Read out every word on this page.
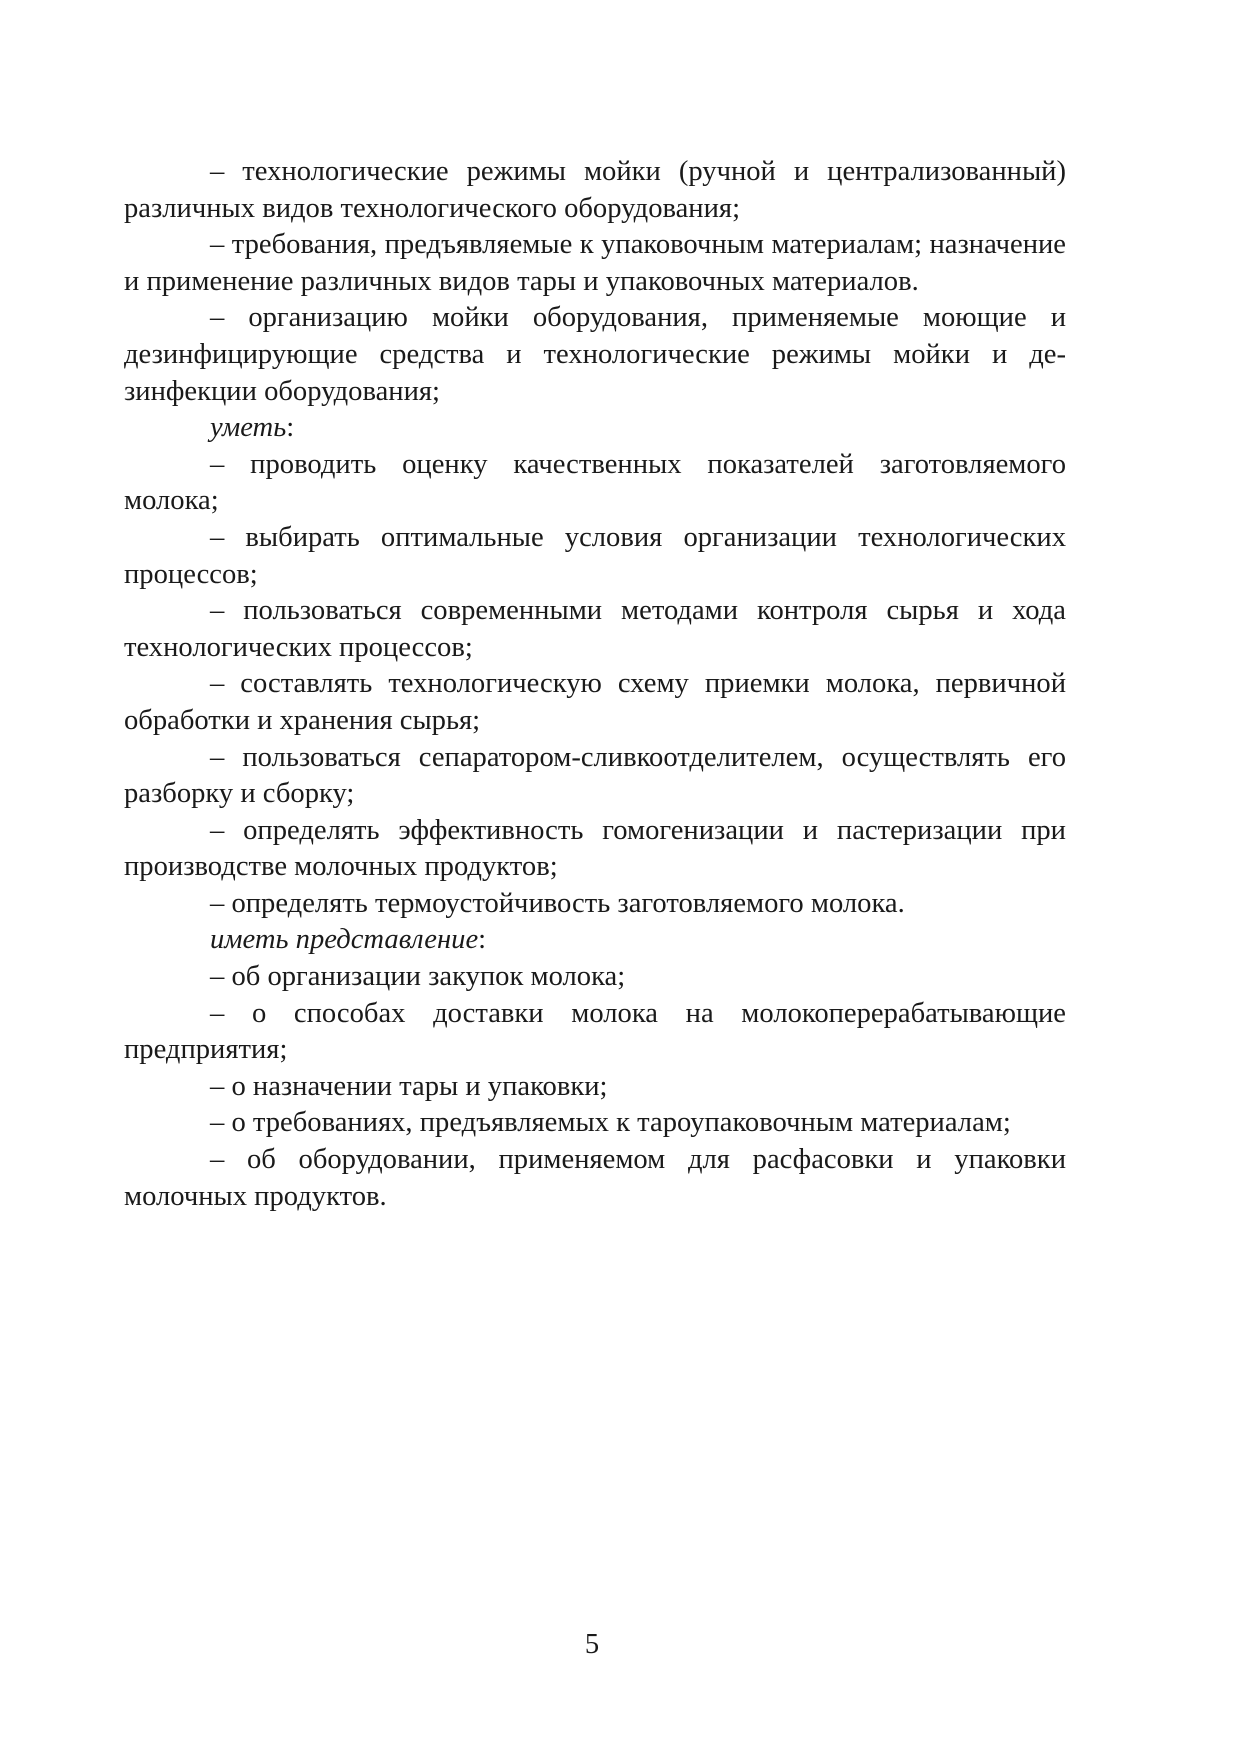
– технологические режимы мойки (ручной и централизованный) различных видов технологического оборудования;

– требования, предъявляемые к упаковочным материалам; назначение и применение различных видов тары и упаковочных материалов.

– организацию мойки оборудования, применяемые моющие и дезинфицирующие средства и технологические режимы мойки и дезинфекции оборудования;

уметь:

– проводить оценку качественных показателей заготовляемого молока;

– выбирать оптимальные условия организации технологических процессов;

– пользоваться современными методами контроля сырья и хода технологических процессов;

– составлять технологическую схему приемки молока, первичной обработки и хранения сырья;

– пользоваться сепаратором-сливкоотделителем, осуществлять его разборку и сборку;

– определять эффективность гомогенизации и пастеризации при производстве молочных продуктов;

– определять термоустойчивость заготовляемого молока.

иметь представление:

– об организации закупок молока;

– о способах доставки молока на молокоперерабатывающие предприятия;

– о назначении тары и упаковки;

– о требованиях, предъявляемых к тароупаковочным материалам;

– об оборудовании, применяемом для расфасовки и упаковки молочных продуктов.

5
